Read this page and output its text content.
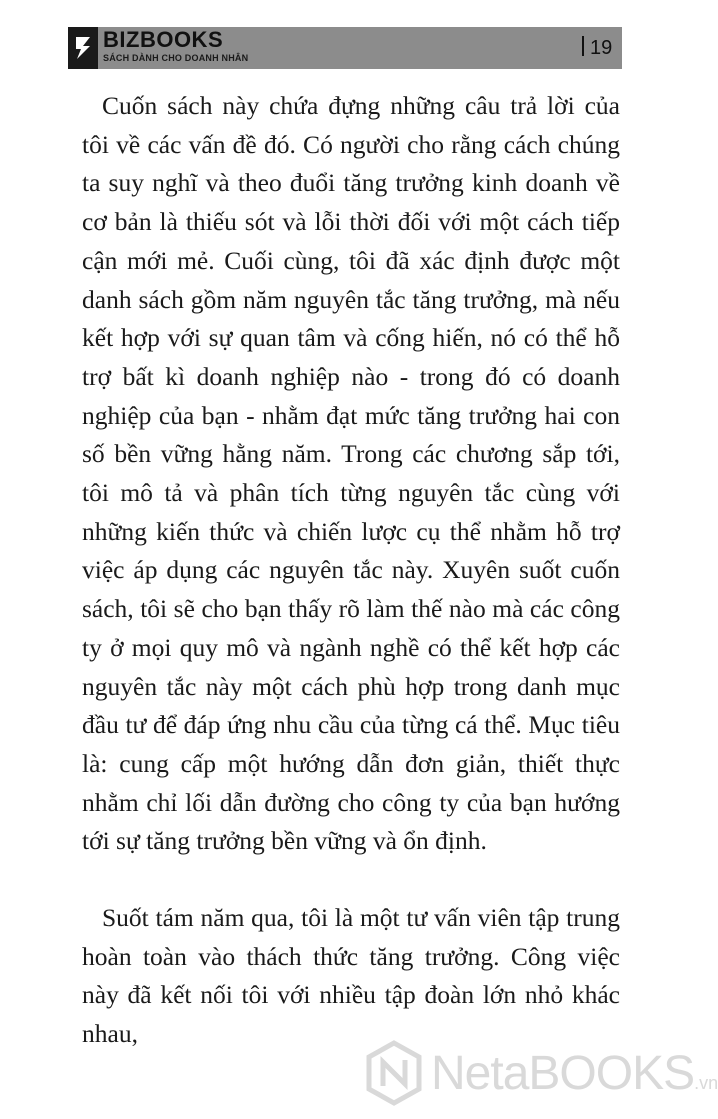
BIZBOOKS
SÁCH DÀNH CHO DOANH NHÂN	19

Cuốn sách này chứa đựng những câu trả lời của tôi về các vấn đề đó. Có người cho rằng cách chúng ta suy nghĩ và theo đuổi tăng trưởng kinh doanh về cơ bản là thiếu sót và lỗi thời đối với một cách tiếp cận mới mẻ. Cuối cùng, tôi đã xác định được một danh sách gồm năm nguyên tắc tăng trưởng, mà nếu kết hợp với sự quan tâm và cống hiến, nó có thể hỗ trợ bất kì doanh nghiệp nào - trong đó có doanh nghiệp của bạn - nhằm đạt mức tăng trưởng hai con số bền vững hằng năm. Trong các chương sắp tới, tôi mô tả và phân tích từng nguyên tắc cùng với những kiến thức và chiến lược cụ thể nhằm hỗ trợ việc áp dụng các nguyên tắc này. Xuyên suốt cuốn sách, tôi sẽ cho bạn thấy rõ làm thế nào mà các công ty ở mọi quy mô và ngành nghề có thể kết hợp các nguyên tắc này một cách phù hợp trong danh mục đầu tư để đáp ứng nhu cầu của từng cá thể. Mục tiêu là: cung cấp một hướng dẫn đơn giản, thiết thực nhằm chỉ lối dẫn đường cho công ty của bạn hướng tới sự tăng trưởng bền vững và ổn định.

Suốt tám năm qua, tôi là một tư vấn viên tập trung hoàn toàn vào thách thức tăng trưởng. Công việc này đã kết nối tôi với nhiều tập đoàn lớn nhỏ khác nhau,

NetaBOOKS.vn
